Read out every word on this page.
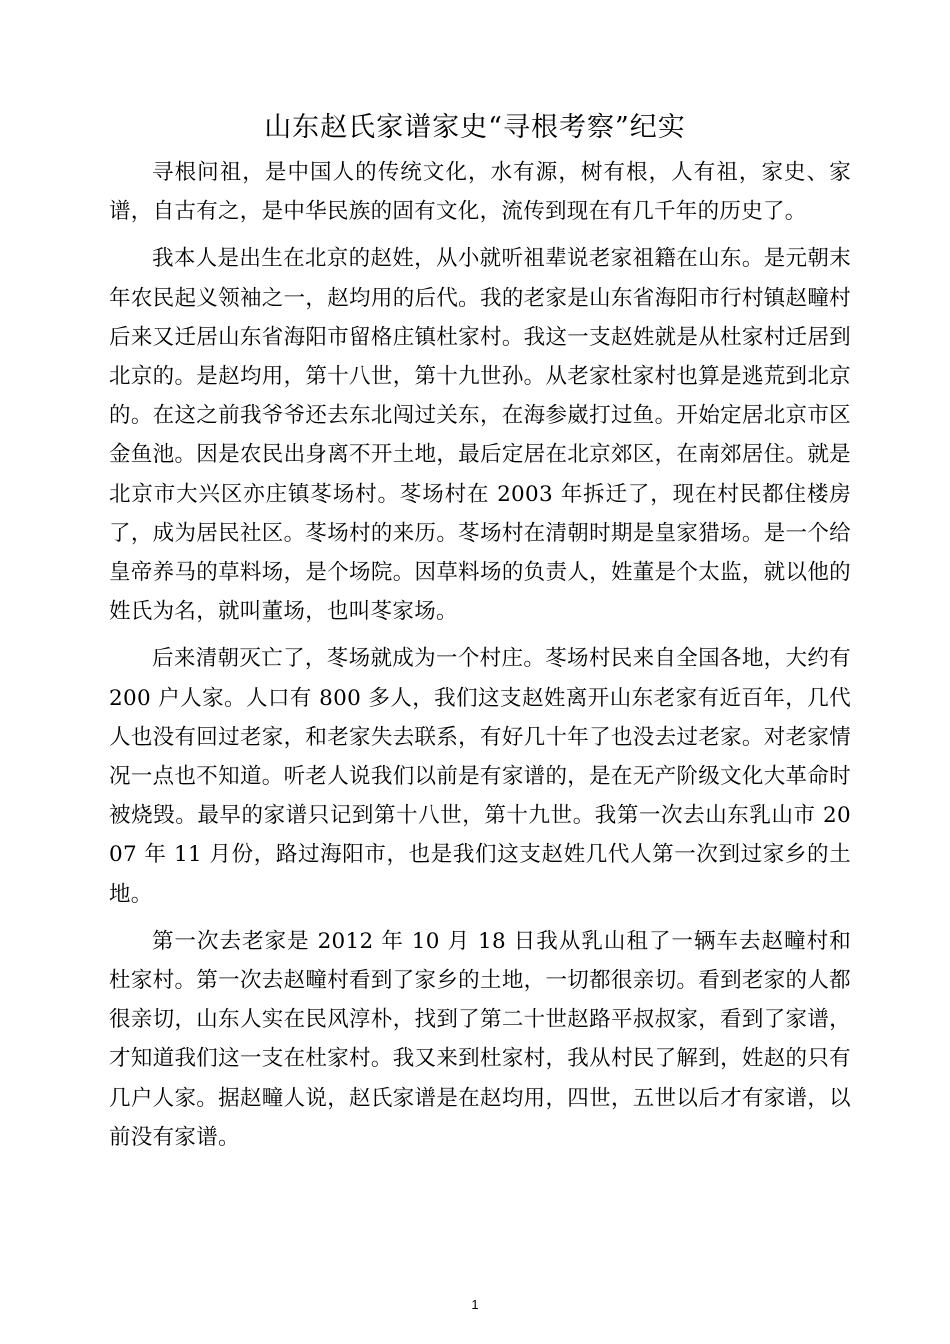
山东赵氏家谱家史“寻根考察”纪实

寻根问祖，是中国人的传统文化，水有源，树有根，人有祖，家史、家谱，自古有之，是中华民族的固有文化，流传到现在有几千年的历史了。

我本人是出生在北京的赵姓，从小就听祖辈说老家祖籍在山东。是元朝末年农民起义领袖之一，赵均用的后代。我的老家是山东省海阳市行村镇赵疃村后来又迁居山东省海阳市留格庄镇杜家村。我这一支赵姓就是从杜家村迁居到北京的。是赵均用，第十八世，第十九世孙。从老家杜家村也算是逃荒到北京的。在这之前我爷爷还去东北闯过关东，在海参崴打过鱼。开始定居北京市区金鱼池。因是农民出身离不开土地，最后定居在北京郊区，在南郊居住。就是北京市大兴区亦庄镇苳场村。苳场村在 2003 年拆迁了，现在村民都住楼房了，成为居民社区。苳场村的来历。苳场村在清朝时期是皇家猎场。是一个给皇帝养马的草料场，是个场院。因草料场的负责人，姓董是个太监，就以他的姓氏为名，就叫董场，也叫苳家场。

后来清朝灭亡了，苳场就成为一个村庄。苳场村民来自全国各地，大约有 200 户人家。人口有 800 多人，我们这支赵姓离开山东老家有近百年，几代人也没有回过老家，和老家失去联系，有好几十年了也没去过老家。对老家情况一点也不知道。听老人说我们以前是有家谱的，是在无产阶级文化大革命时被烧毁。最早的家谱只记到第十八世，第十九世。我第一次去山东乳山市 2007 年 11 月份，路过海阳市，也是我们这支赵姓几代人第一次到过家乡的土地。

第一次去老家是 2012 年 10 月 18 日我从乳山租了一辆车去赵疃村和杜家村。第一次去赵疃村看到了家乡的土地，一切都很亲切。看到老家的人都很亲切，山东人实在民风淳朴，找到了第二十世赵路平叔叔家，看到了家谱，才知道我们这一支在杜家村。我又来到杜家村，我从村民了解到，姓赵的只有几户人家。据赵疃人说，赵氏家谱是在赵均用，四世，五世以后才有家谱，以前没有家谱。

1
